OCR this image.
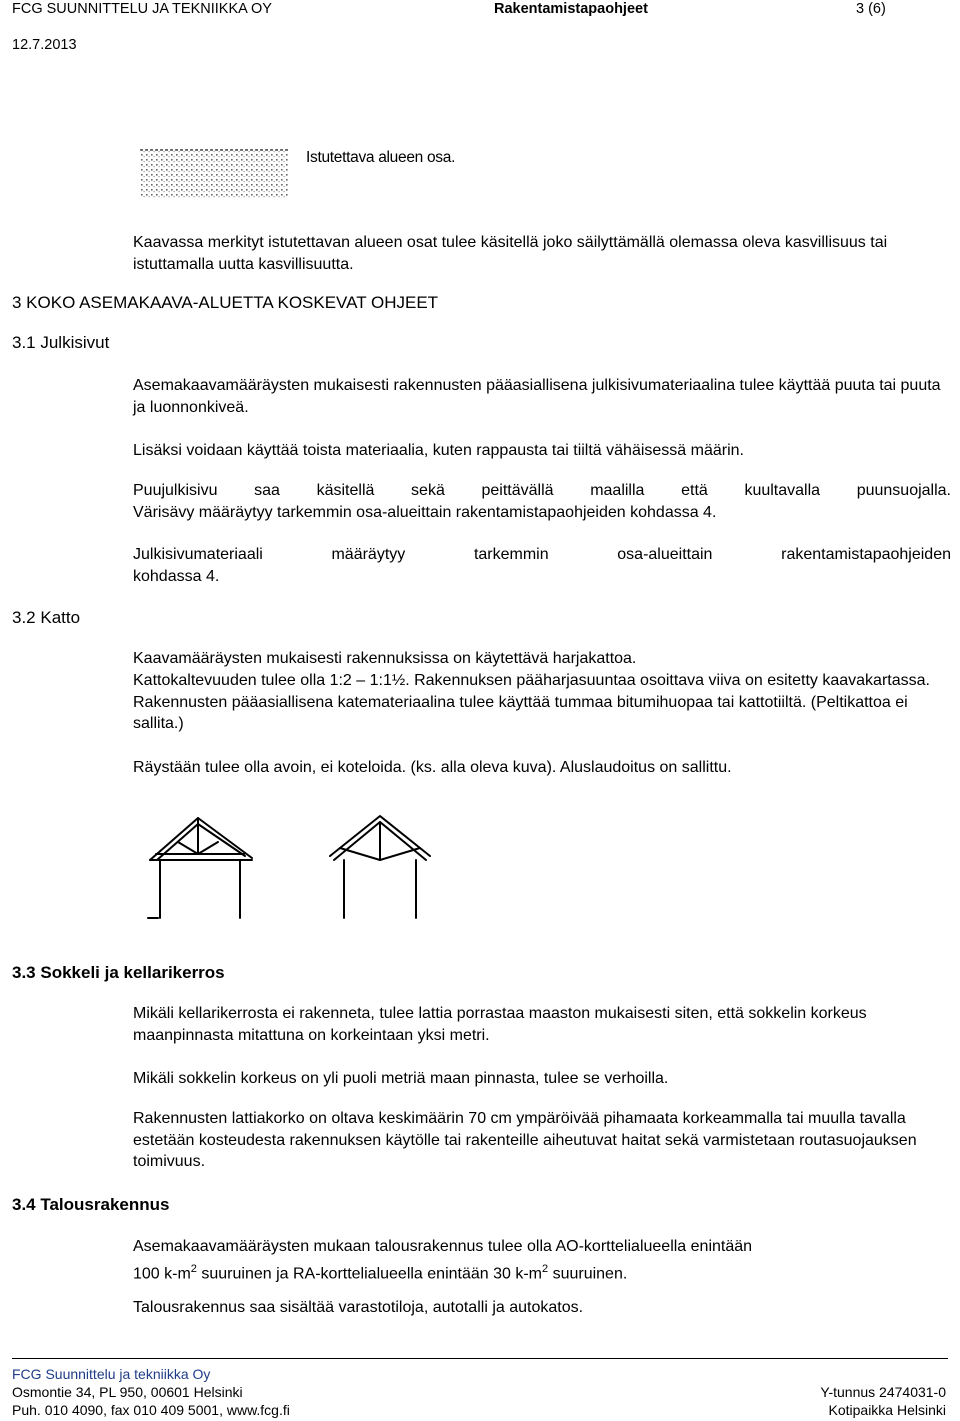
FCG SUUNNITTELU JA TEKNIIKKA OY	Rakentamistapaohjeet	3 (6)
12.7.2013
Istutettava alueen osa.

Kaavassa merkityt istutettavan alueen osat tulee käsitellä joko säilyttämällä olemassa oleva kasvillisuus tai istuttamalla uutta kasvillisuutta.

3 KOKO ASEMAKAAVA-ALUETTA KOSKEVAT OHJEET
3.1 Julkisivut

Asemakaavamääräysten mukaisesti rakennusten pääasiallisena julkisivumateriaalina tulee käyttää puuta tai puuta ja luonnonkiveä.

Lisäksi voidaan käyttää toista materiaalia, kuten rappausta tai tiiltä vähäisessä määrin.

Puujulkisivu saa käsitellä sekä peittävällä maalilla että kuultavalla puunsuojalla.

Värisävy määräytyy tarkemmin osa-alueittain rakentamistapaohjeiden kohdassa 4.

Julkisivumateriaali määräytyy tarkemmin osa-alueittain rakentamistapaohjeiden

kohdassa 4.

3.2 Katto

Kaavamääräysten mukaisesti rakennuksissa on käytettävä harjakattoa.

Kattokaltevuuden tulee olla 1:2 – 1:1½. Rakennuksen pääharjasuuntaa osoittava viiva on esitetty kaavakartassa. Rakennusten pääasiallisena katemateriaalina tulee käyttää tummaa bitumihuopaa tai kattotiiltä. (Peltikattoa ei sallita.)

Räystään tulee olla avoin, ei koteloida. (ks. alla oleva kuva). Aluslaudoitus on sallittu.

3.3 Sokkeli ja kellarikerros

Mikäli kellarikerrosta ei rakenneta, tulee lattia porrastaa maaston mukaisesti siten, että sokkelin korkeus maanpinnasta mitattuna on korkeintaan yksi metri.

Mikäli sokkelin korkeus on yli puoli metriä maan pinnasta, tulee se verhoilla.

Rakennusten lattiakorko on oltava keskimäärin 70 cm ympäröivää pihamaata korkeammalla tai muulla tavalla estetään kosteudesta rakennuksen käytölle tai rakenteille aiheutuvat haitat sekä varmistetaan routasuojauksen toimivuus.

3.4 Talousrakennus

Asemakaavamääräysten mukaan talousrakennus tulee olla AO-korttelialueella enintään

100 $k-m^2$ suuruinen ja RA-korttelialueella enintään 30 $k-m^2$ suuruinen.

Talousrakennus saa sisältää varastotiloja, autotalli ja autokatos.

FCG Suunnittelu ja tekniikka Oy
Osmontie 34, PL 950, 00601 Helsinki
Puh. 010 4090, fax 010 409 5001, www.fcg.fi
Y-tunnus 2474031-0
Kotipaikka Helsinki
